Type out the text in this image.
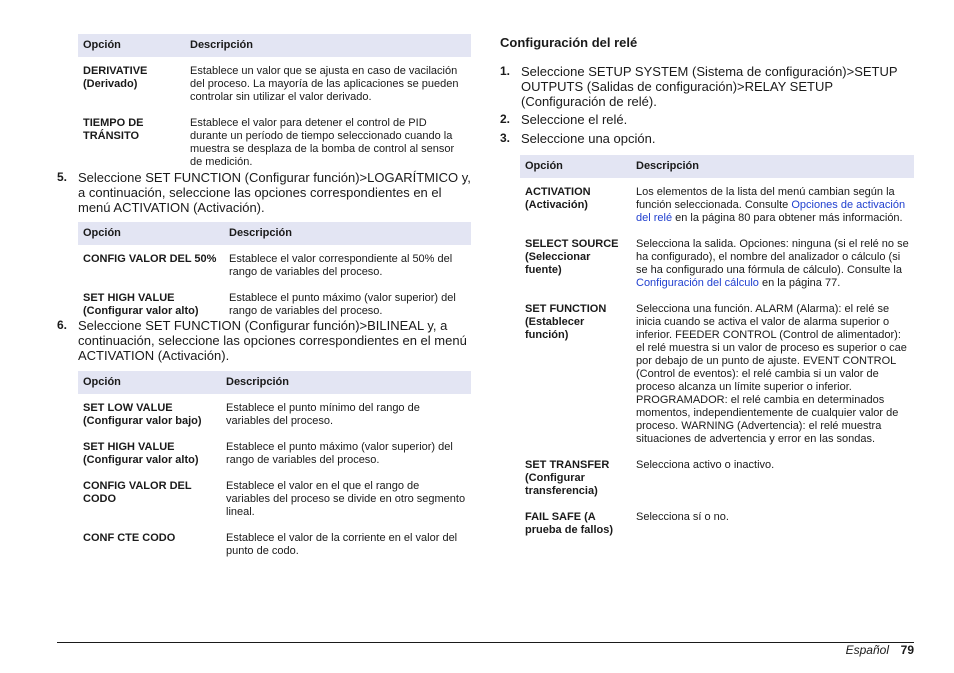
Opción	Descripción
DERIVATIVE (Derivado)	Establece un valor que se ajusta en caso de vacilación del proceso. La mayoría de las aplicaciones se pueden controlar sin utilizar el valor derivado.
TIEMPO DE TRÁNSITO	Establece el valor para detener el control de PID durante un período de tiempo seleccionado cuando la muestra se desplaza de la bomba de control al sensor de medición.
5. Seleccione SET FUNCTION (Configurar función)>LOGARÍTMICO y, a continuación, seleccione las opciones correspondientes en el menú ACTIVATION (Activación).
Opción	Descripción
CONFIG VALOR DEL 50%	Establece el valor correspondiente al 50% del rango de variables del proceso.
SET HIGH VALUE (Configurar valor alto)	Establece el punto máximo (valor superior) del rango de variables del proceso.
6. Seleccione SET FUNCTION (Configurar función)>BILINEAL y, a continuación, seleccione las opciones correspondientes en el menú ACTIVATION (Activación).
Opción	Descripción
SET LOW VALUE (Configurar valor bajo)	Establece el punto mínimo del rango de variables del proceso.
SET HIGH VALUE (Configurar valor alto)	Establece el punto máximo (valor superior) del rango de variables del proceso.
CONFIG VALOR DEL CODO	Establece el valor en el que el rango de variables del proceso se divide en otro segmento lineal.
CONF CTE CODO	Establece el valor de la corriente en el valor del punto de codo.
Configuración del relé
1. Seleccione SETUP SYSTEM (Sistema de configuración)>SETUP OUTPUTS (Salidas de configuración)>RELAY SETUP (Configuración de relé).
2. Seleccione el relé.
3. Seleccione una opción.
Opción	Descripción
ACTIVATION (Activación)	Los elementos de la lista del menú cambian según la función seleccionada. Consulte Opciones de activación del relé en la página 80 para obtener más información.
SELECT SOURCE (Seleccionar fuente)	Selecciona la salida. Opciones: ninguna (si el relé no se ha configurado), el nombre del analizador o cálculo (si se ha configurado una fórmula de cálculo). Consulte la Configuración del cálculo en la página 77.
SET FUNCTION (Establecer función)	Selecciona una función. ALARM (Alarma): el relé se inicia cuando se activa el valor de alarma superior o inferior. FEEDER CONTROL (Control de alimentador): el relé muestra si un valor de proceso es superior o cae por debajo de un punto de ajuste. EVENT CONTROL (Control de eventos): el relé cambia si un valor de proceso alcanza un límite superior o inferior. PROGRAMADOR: el relé cambia en determinados momentos, independientemente de cualquier valor de proceso. WARNING (Advertencia): el relé muestra situaciones de advertencia y error en las sondas.
SET TRANSFER (Configurar transferencia)	Selecciona activo o inactivo.
FAIL SAFE (A prueba de fallos)	Selecciona sí o no.
Español 79
